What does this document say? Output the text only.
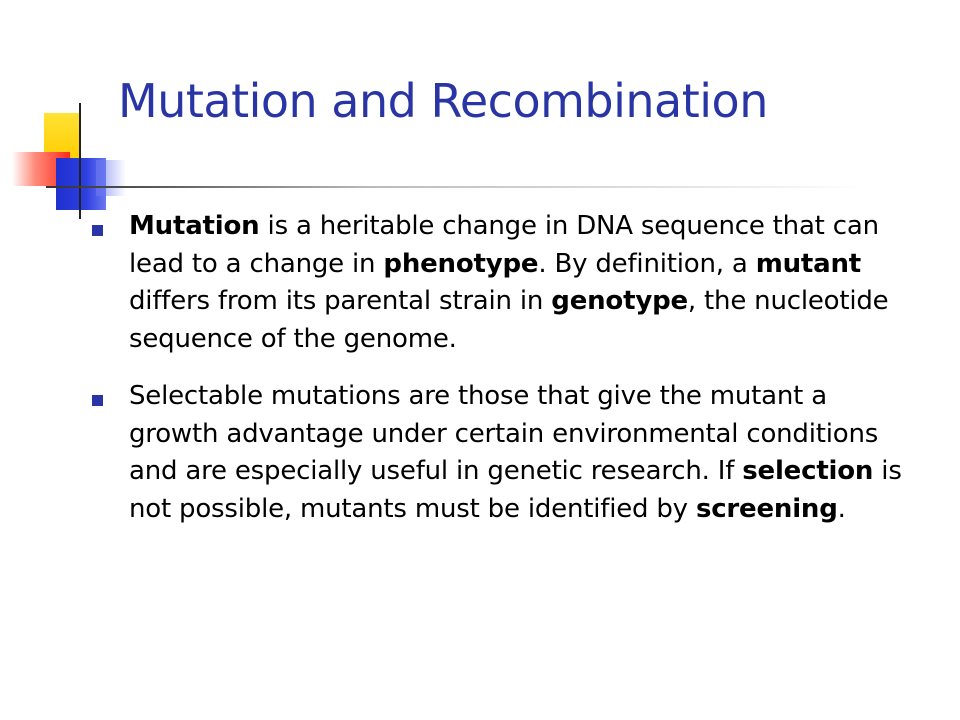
Mutation and Recombination
Mutation is a heritable change in DNA sequence that can lead to a change in phenotype. By definition, a mutant differs from its parental strain in genotype, the nucleotide sequence of the genome.
Selectable mutations are those that give the mutant a growth advantage under certain environmental conditions and are especially useful in genetic research. If selection is not possible, mutants must be identified by screening.
